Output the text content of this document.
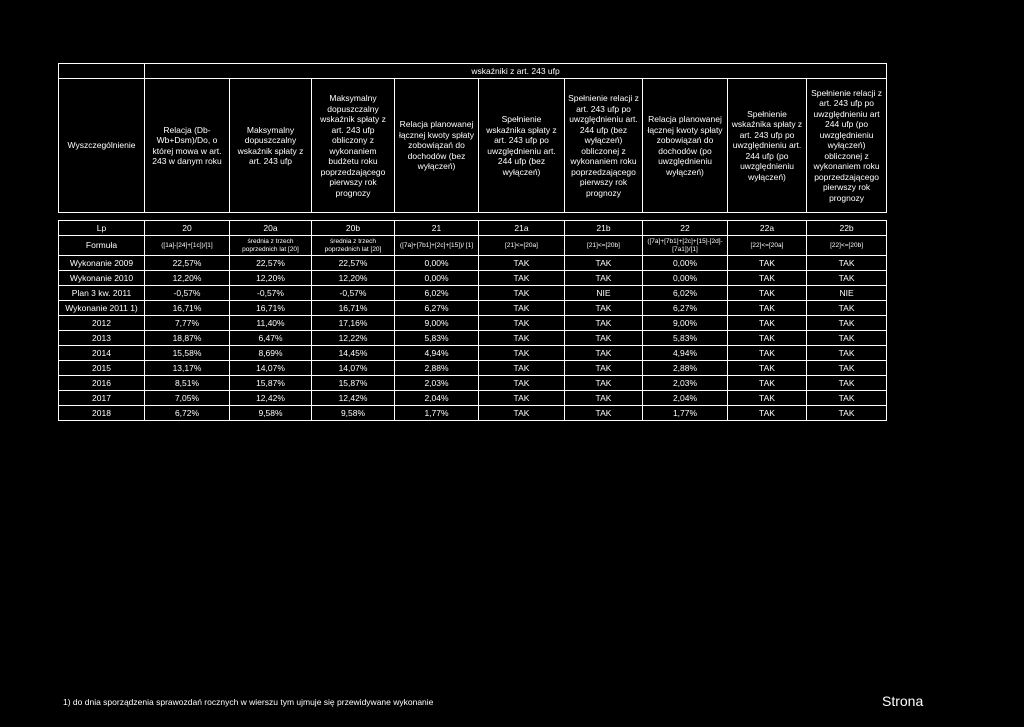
	wskaźniki z art. 243 ufp								
Wyszczególnienie	Relacja (Db-Wb+Dsm)/Do, o której mowa w art. 243 w danym roku	Maksymalny dopuszczalny wskaźnik spłaty z art. 243 ufp	Maksymalny dopuszczalny wskaźnik spłaty z art. 243 ufp obliczony z wykonaniem budżetu roku poprzedzającego pierwszy rok prognozy	Relacja planowanej łącznej kwoty spłaty zobowiązań do dochodów (bez wyłączeń)	Spełnienie wskaźnika spłaty z art. 243 ufp po uwzględnieniu art. 244 ufp (bez wyłączeń)	Spełnienie relacji z art. 243 ufp po uwzględnieniu art. 244 ufp (bez wyłączeń) obliczonej z wykonaniem roku poprzedzającego pierwszy rok prognozy	Relacja planowanej łącznej kwoty spłaty zobowiązań do dochodów (po uwzględnieniu wyłączeń)	Spełnienie wskaźnika spłaty z art. 243 ufp po uwzględnieniu art. 244 ufp (po uwzględnieniu wyłączeń)	Spełnienie relacji z art. 243 ufp po uwzględnieniu art 244 ufp (po uwzględnieniu wyłączeń) obliczonej z wykonaniem roku poprzedzającego pierwszy rok prognozy

Lp	20	20a	20b	21	21a	21b	22	22a	22b
Formuła	([1a]-[24]+[1c])/[1]	średnia z trzech poprzednich lat [20]	średnia z trzech poprzednich lat [20]	([7a]+[7b1]+[2c]+[15])/ [1]	[21]<=[20a]	[21]<=[20b]	([7a]+[7b1]+[2c]+[15]-[2d]-[7a1])/[1]	[22]<=[20a]	[22]<=[20b]
Wykonanie 2009	22,57%	22,57%	22,57%	0,00%	TAK	TAK	0,00%	TAK	TAK
Wykonanie 2010	12,20%	12,20%	12,20%	0,00%	TAK	TAK	0,00%	TAK	TAK
Plan 3 kw. 2011	-0,57%	-0,57%	-0,57%	6,02%	TAK	NIE	6,02%	TAK	NIE
Wykonanie 2011 1)	16,71%	16,71%	16,71%	6,27%	TAK	TAK	6,27%	TAK	TAK
2012	7,77%	11,40%	17,16%	9,00%	TAK	TAK	9,00%	TAK	TAK
2013	18,87%	6,47%	12,22%	5,83%	TAK	TAK	5,83%	TAK	TAK
2014	15,58%	8,69%	14,45%	4,94%	TAK	TAK	4,94%	TAK	TAK
2015	13,17%	14,07%	14,07%	2,88%	TAK	TAK	2,88%	TAK	TAK
2016	8,51%	15,87%	15,87%	2,03%	TAK	TAK	2,03%	TAK	TAK
2017	7,05%	12,42%	12,42%	2,04%	TAK	TAK	2,04%	TAK	TAK
2018	6,72%	9,58%	9,58%	1,77%	TAK	TAK	1,77%	TAK	TAK
1) do dnia sporządzenia sprawozdań rocznych w wierszu tym ujmuje się przewidywane wykonanie	Strona
